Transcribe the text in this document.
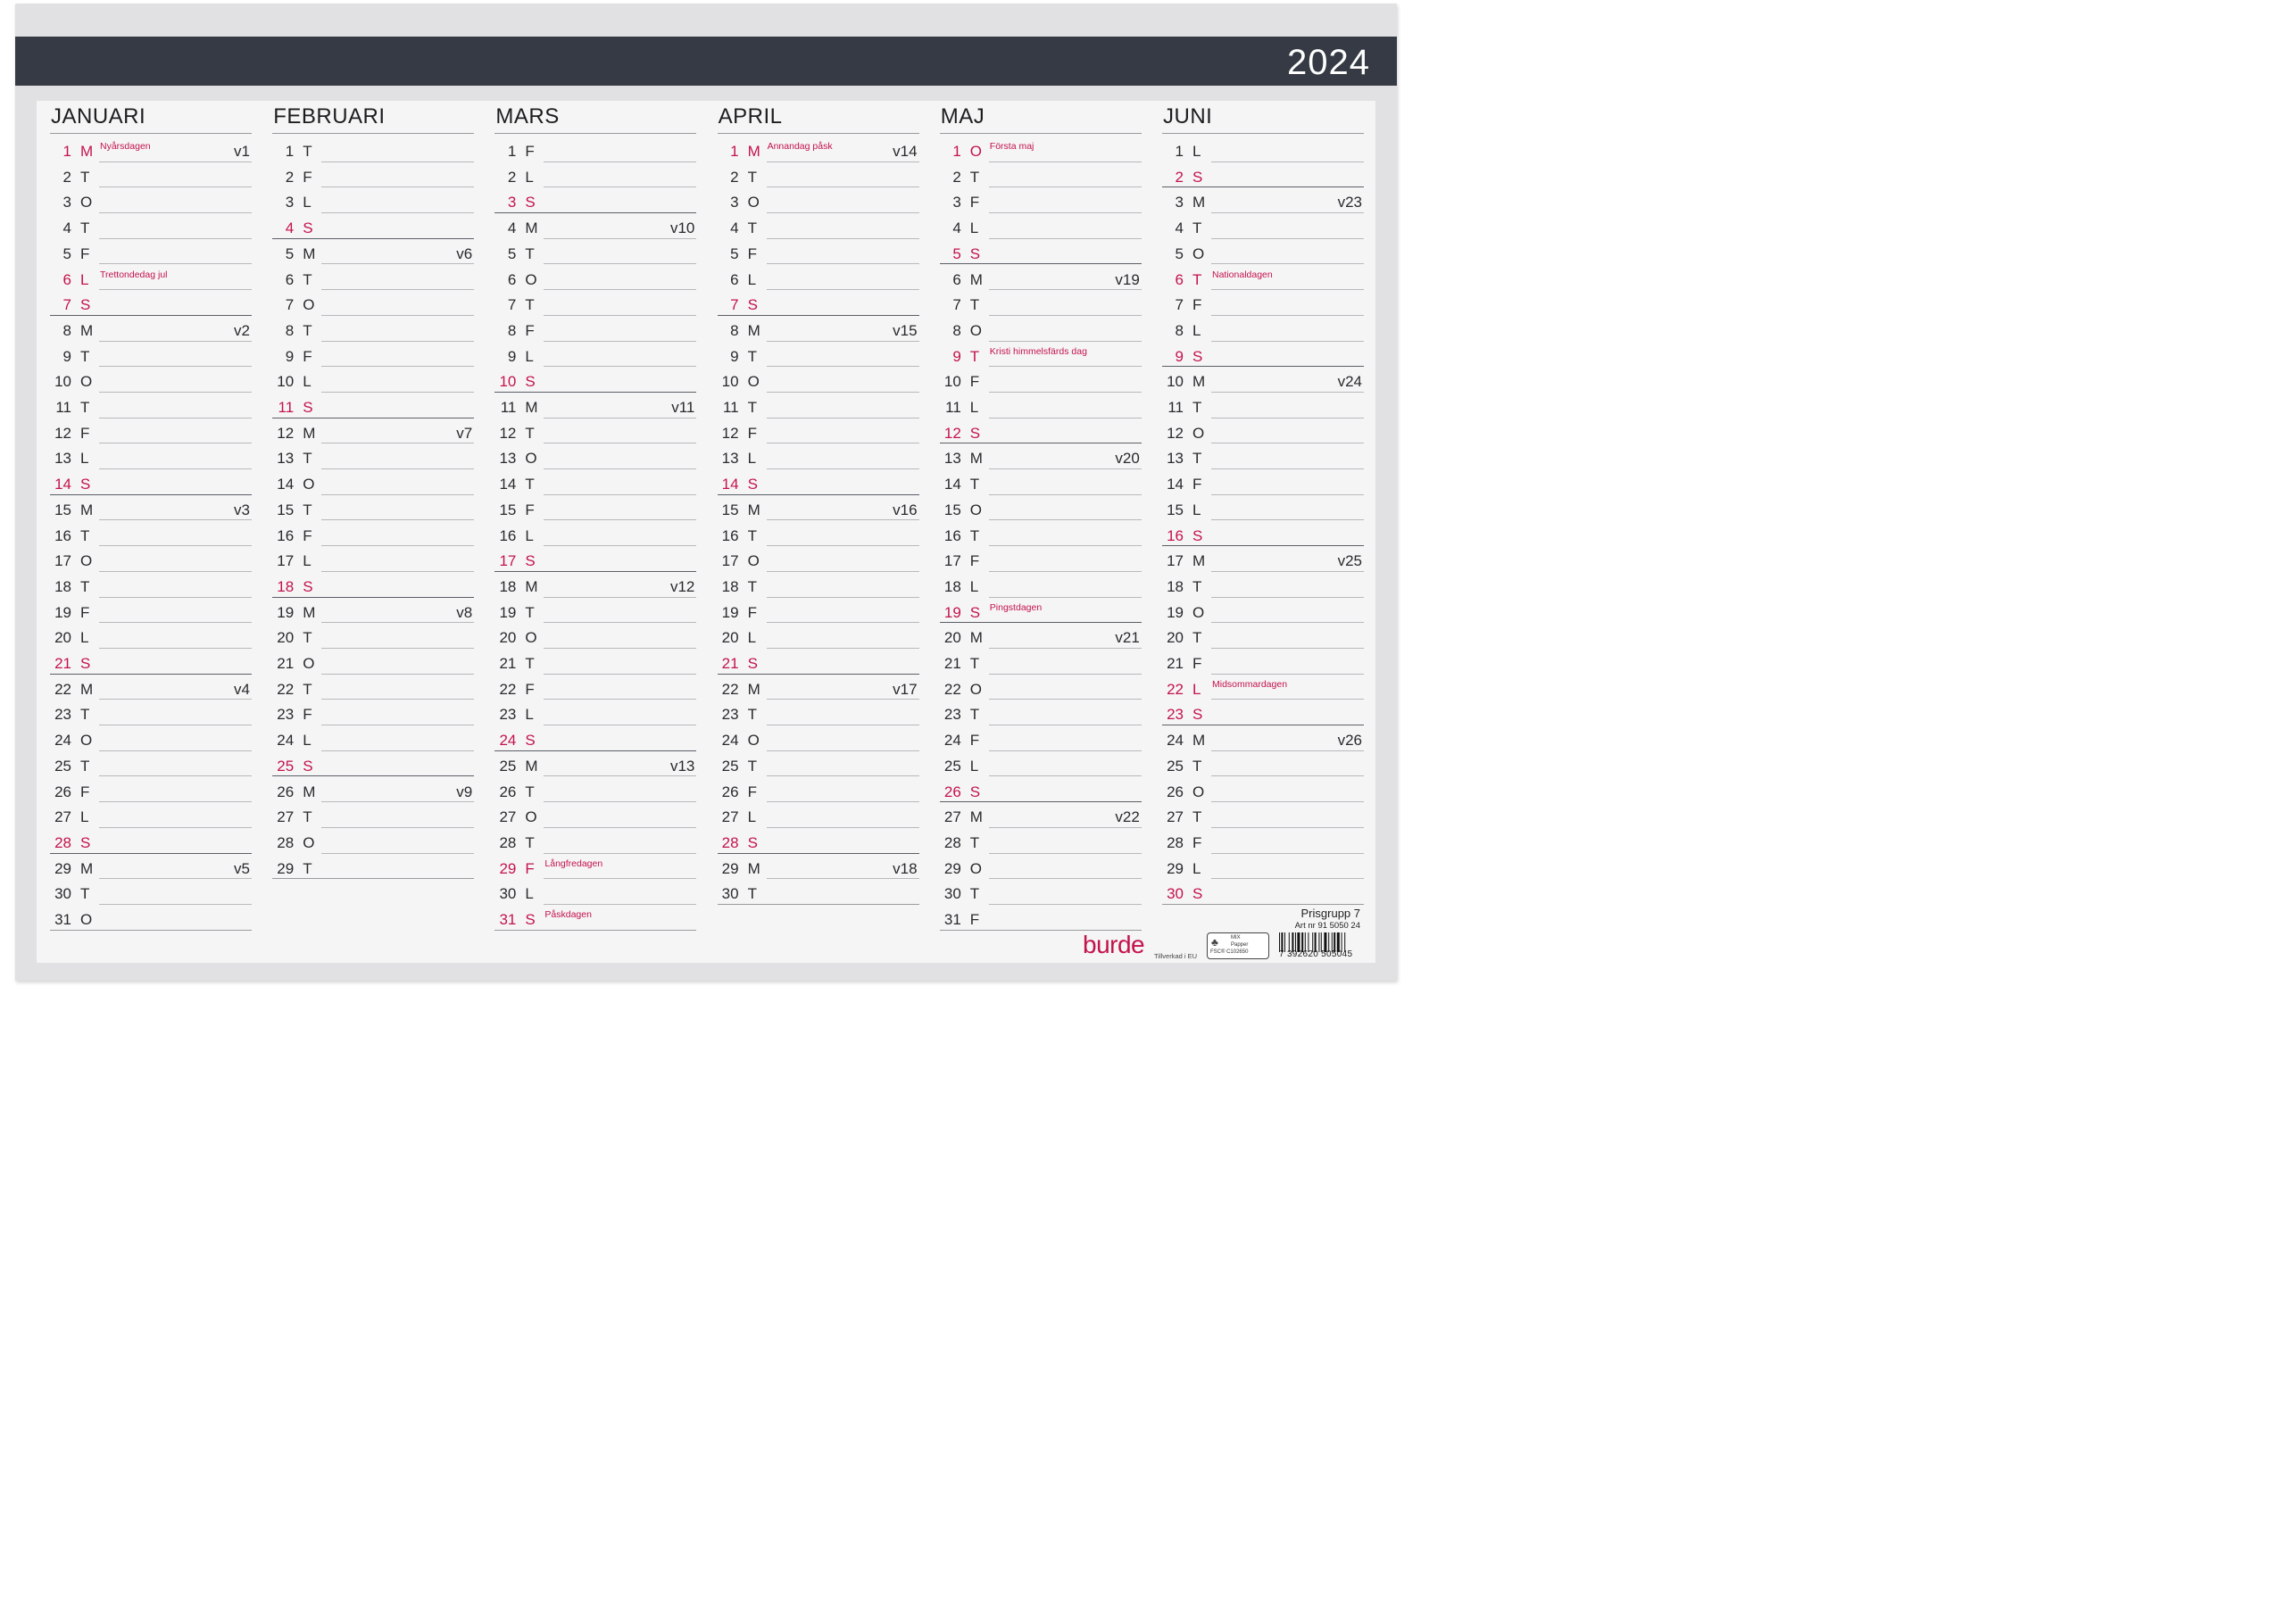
2024
JANUARI
1 M Nyårsdagen	v1
2 T
3 O
4 T
5 F
6 L Trettondedag jul
7 S
8 M	v2
9 T
10 O
11 T
12 F
13 L
14 S
15 M	v3
16 T
17 O
18 T
19 F
20 L
21 S
22 M	v4
23 T
24 O
25 T
26 F
27 L
28 S
29 M	v5
30 T
31 O
FEBRUARI
1 T
2 F
3 L
4 S
5 M	v6
6 T
7 O
8 T
9 F
10 L
11 S
12 M	v7
13 T
14 O
15 T
16 F
17 L
18 S
19 M	v8
20 T
21 O
22 T
23 F
24 L
25 S
26 M	v9
27 T
28 O
29 T
MARS
1 F
2 L
3 S
4 M	v10
5 T
6 O
7 T
8 F
9 L
10 S
11 M	v11
12 T
13 O
14 T
15 F
16 L
17 S
18 M	v12
19 T
20 O
21 T
22 F
23 L
24 S
25 M	v13
26 T
27 O
28 T
29 F Långfredagen
30 L
31 S Påskdagen
APRIL
1 M Annandag påsk	v14
2 T
3 O
4 T
5 F
6 L
7 S
8 M	v15
9 T
10 O
11 T
12 F
13 L
14 S
15 M	v16
16 T
17 O
18 T
19 F
20 L
21 S
22 M	v17
23 T
24 O
25 T
26 F
27 L
28 S
29 M	v18
30 T
MAJ
1 O Första maj
2 T
3 F
4 L
5 S
6 M	v19
7 T
8 O
9 T Kristi himmelsfärds dag
10 F
11 L
12 S
13 M	v20
14 T
15 O
16 T
17 F
18 L
19 S Pingstdagen
20 M	v21
21 T
22 O
23 T
24 F
25 L
26 S
27 M	v22
28 T
29 O
30 T
31 F
JUNI
1 L
2 S
3 M	v23
4 T
5 O
6 T Nationaldagen
7 F
8 L
9 S
10 M	v24
11 T
12 O
13 T
14 F
15 L
16 S
17 M	v25
18 T
19 O
20 T
21 F
22 L Midsommardagen
23 S
24 M	v26
25 T
26 O
27 T
28 F
29 L
30 S
burde Tillverkad i EU
♣ MIX
Papper
FSC® C102650
Prisgrupp 7
Art nr 91 5050 24
7 392620 505045
